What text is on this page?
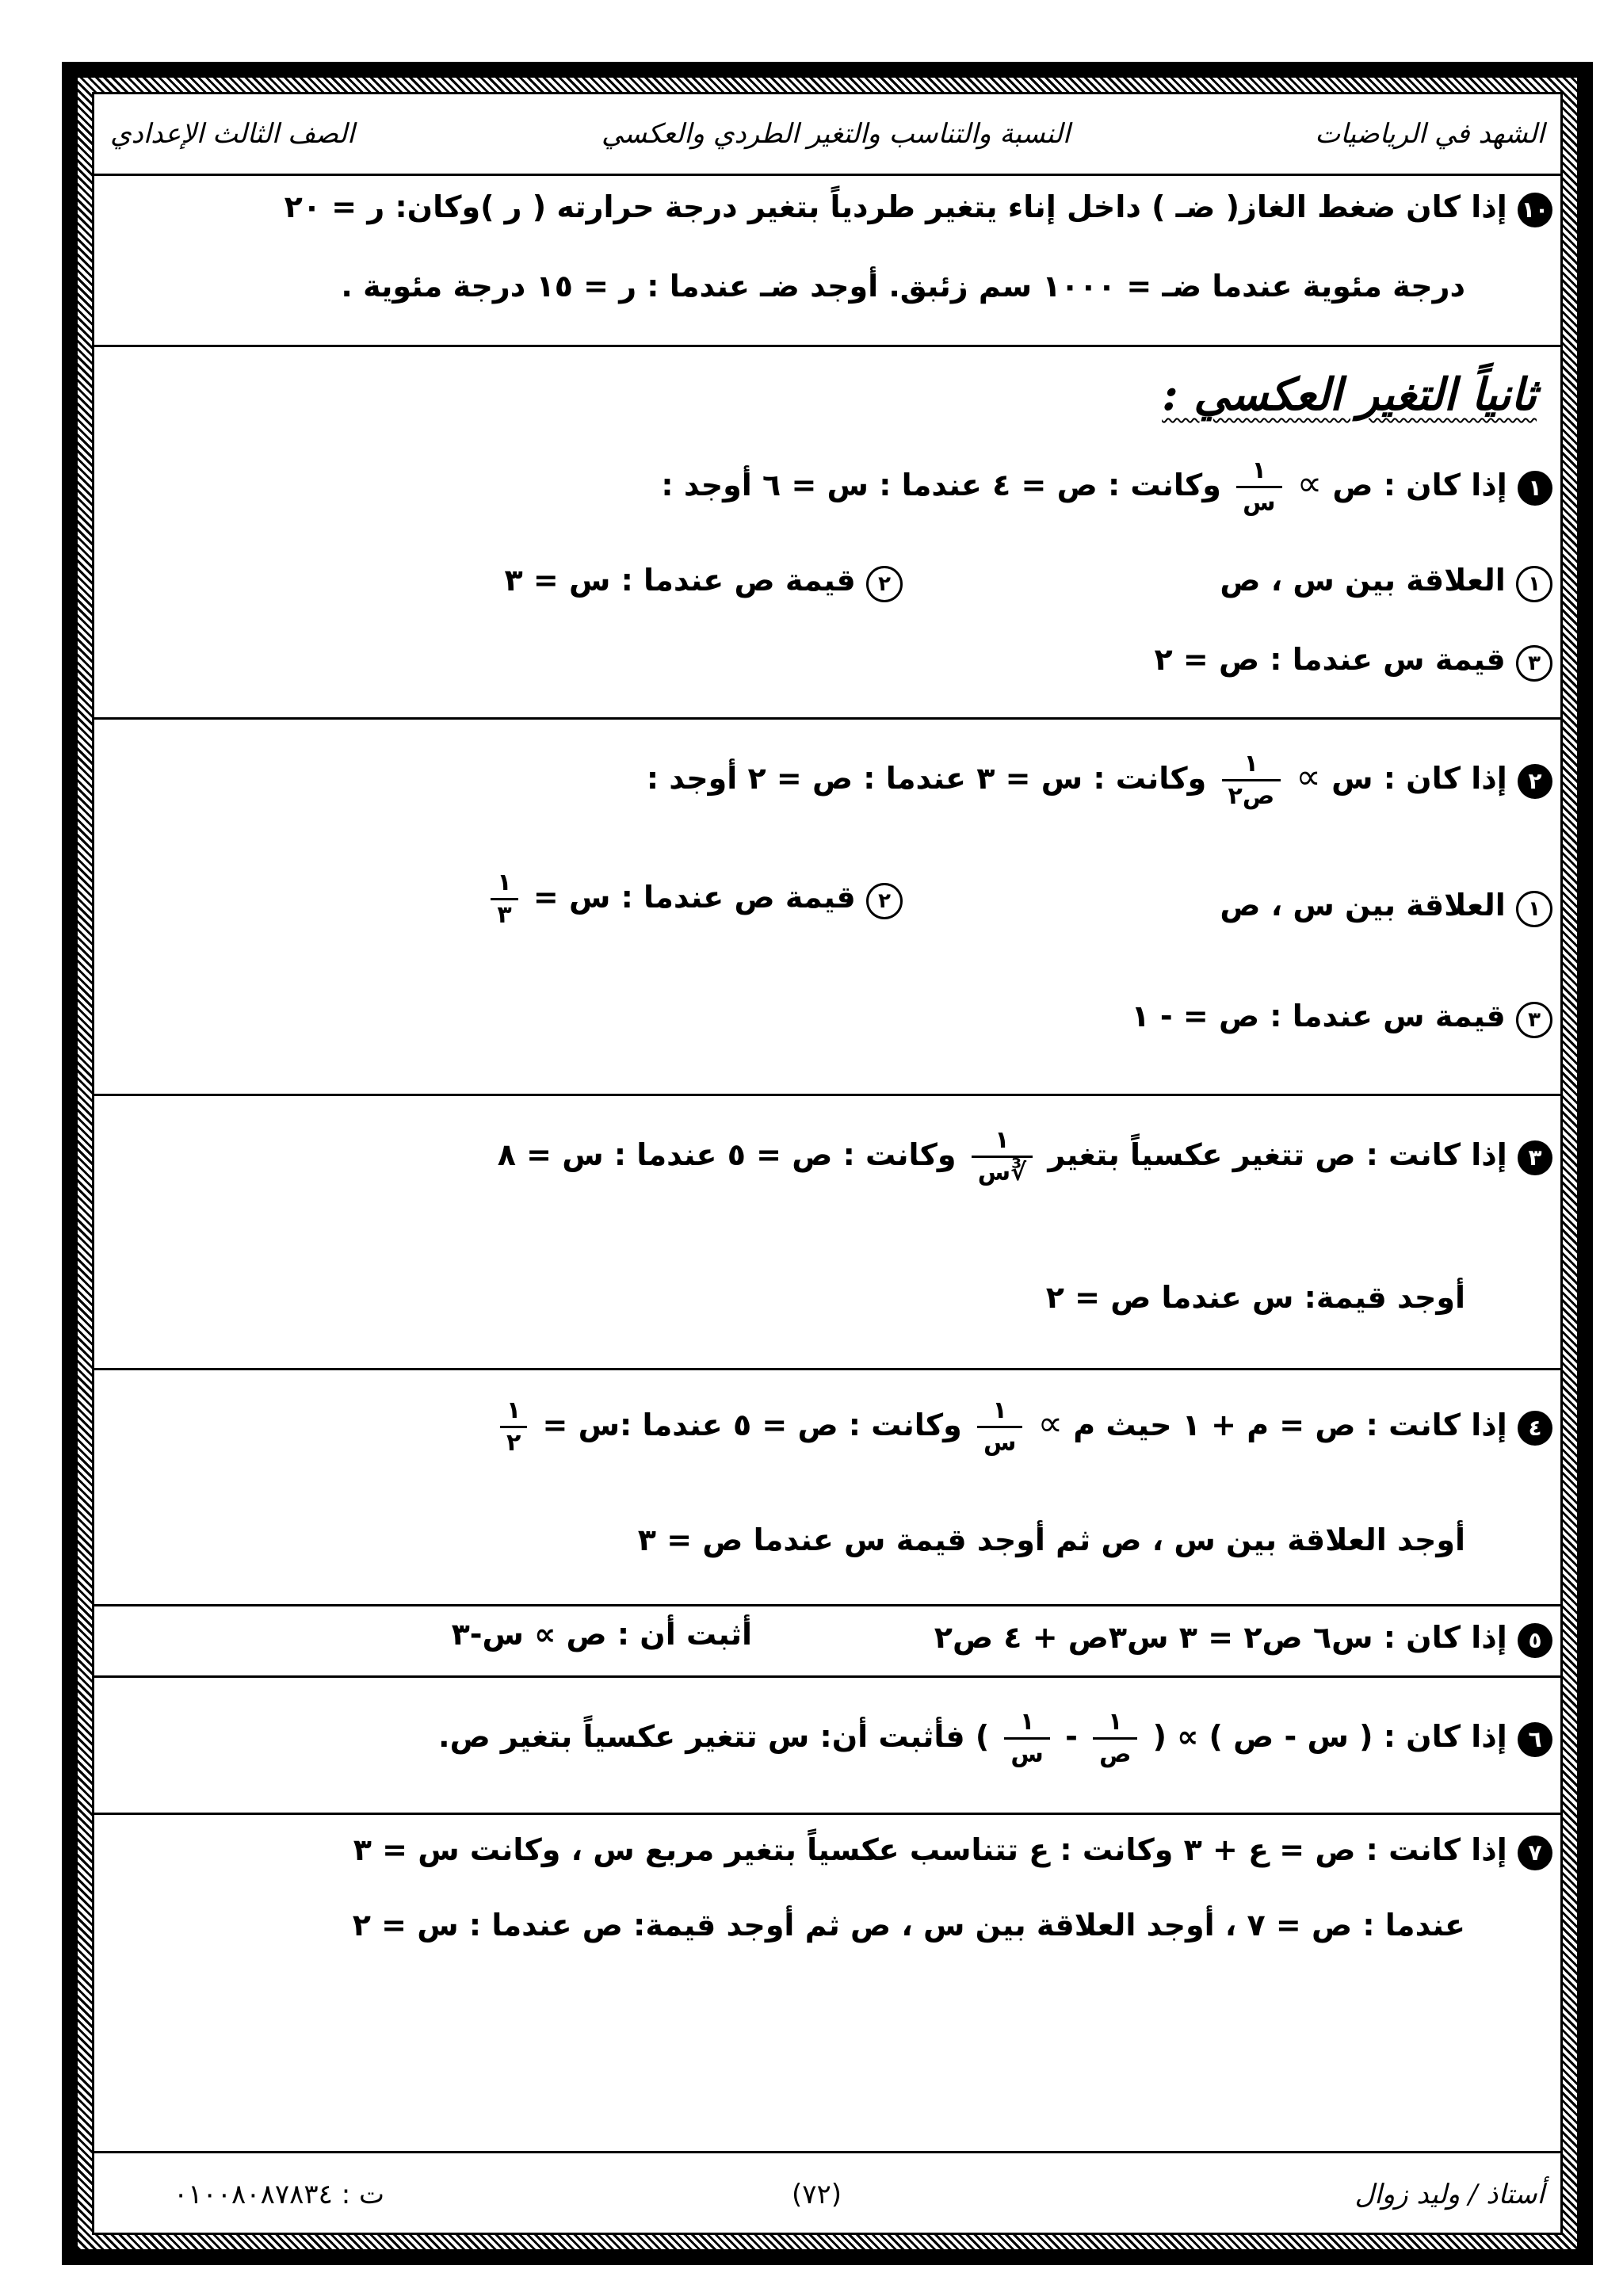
الشهد في الرياضيات
النسبة والتناسب والتغير الطردي والعكسي
الصف الثالث الإعدادي
١٠ إذا كان ضغط الغاز( ضـ ) داخل إناء يتغير طردياً بتغير درجة حرارته ( ر )وكان: ر = ٢٠
درجة مئوية عندما ضـ = ١٠٠٠ سم زئبق. أوجد ضـ عندما : ر = ١٥ درجة مئوية .
ثانياً التغير العكسي :
١ إذا كان : ص ∝
$\frac{١}{\text{س}}$
وكانت : ص = ٤ عندما : س = ٦ أوجد :
١ العلاقة بين س ، ص
٢ قيمة ص عندما : س = ٣
٣ قيمة س عندما : ص = ٢
٢ إذا كان : س ∝
$\frac{١}{\text{ص٢}}$
وكانت : س = ٣ عندما : ص = ٢ أوجد :
١ العلاقة بين س ، ص
٢ قيمة ص عندما : س =
$\frac{١}{٣}$
٣ قيمة س عندما : ص = - ١
٣ إذا كانت : ص تتغير عكسياً بتغير
$\frac{١}{\text{∛س}}$
وكانت : ص = ٥ عندما : س = ٨
أوجد قيمة: س عندما ص = ٢
٤ إذا كانت : ص = م + ١ حيث م ∝
$\frac{١}{\text{س}}$
وكانت : ص = ٥ عندما :س =
$\frac{١}{٢}$
أوجد العلاقة بين س ، ص ثم أوجد قيمة س عندما ص = ٣
٥ إذا كان : س٦ ص٢ = ٣ س٣ص + ٤ ص٢
أثبت أن : ص ∝ س-٣
٦ إذا كان : ( س - ص ) ∝ (
$\frac{١}{\text{ص}}$
-
$\frac{١}{\text{س}}$
) فأثبت أن: س تتغير عكسياً بتغير ص.
٧ إذا كانت : ص = ع + ٣ وكانت : ع تتناسب عكسياً بتغير مربع س ، وكانت س = ٣
عندما : ص = ٧ ، أوجد العلاقة بين س ، ص ثم أوجد قيمة: ص عندما : س = ٢
أستاذ / وليد زوال
(٧٢)
ت : ٠١٠٠٨٠٨٧٨٣٤
